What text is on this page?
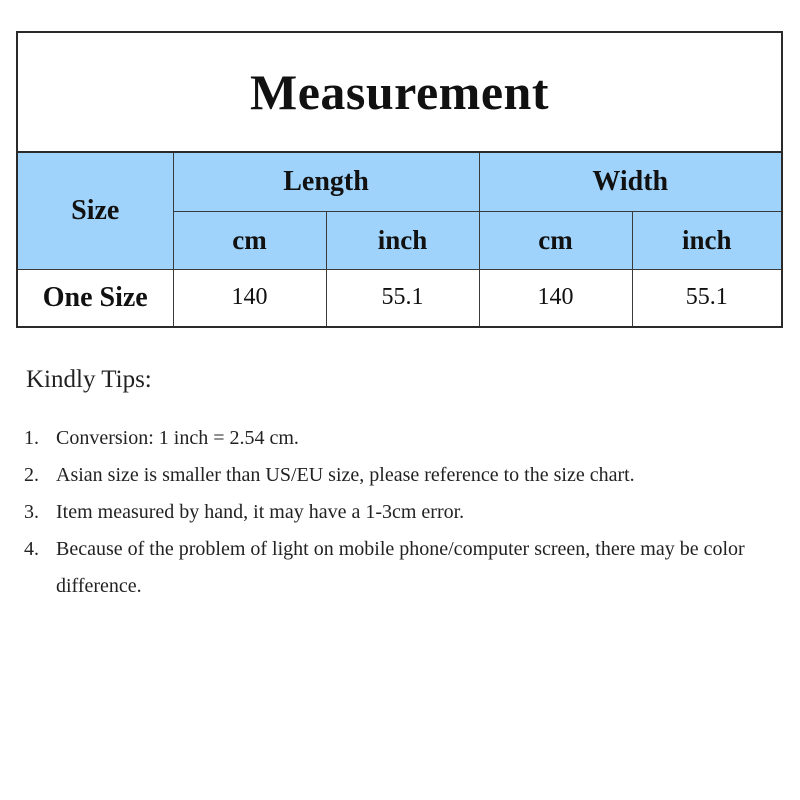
Measurement
Size	Length		Width	
	cm	inch	cm	inch
One Size	140	55.1	140	55.1
Kindly Tips:
1. Conversion: 1 inch = 2.54 cm.
2. Asian size is smaller than US/EU size, please reference to the size chart.
3. Item measured by hand, it may have a 1-3cm error.
4. Because of the problem of light on mobile phone/computer screen, there may be color difference.
